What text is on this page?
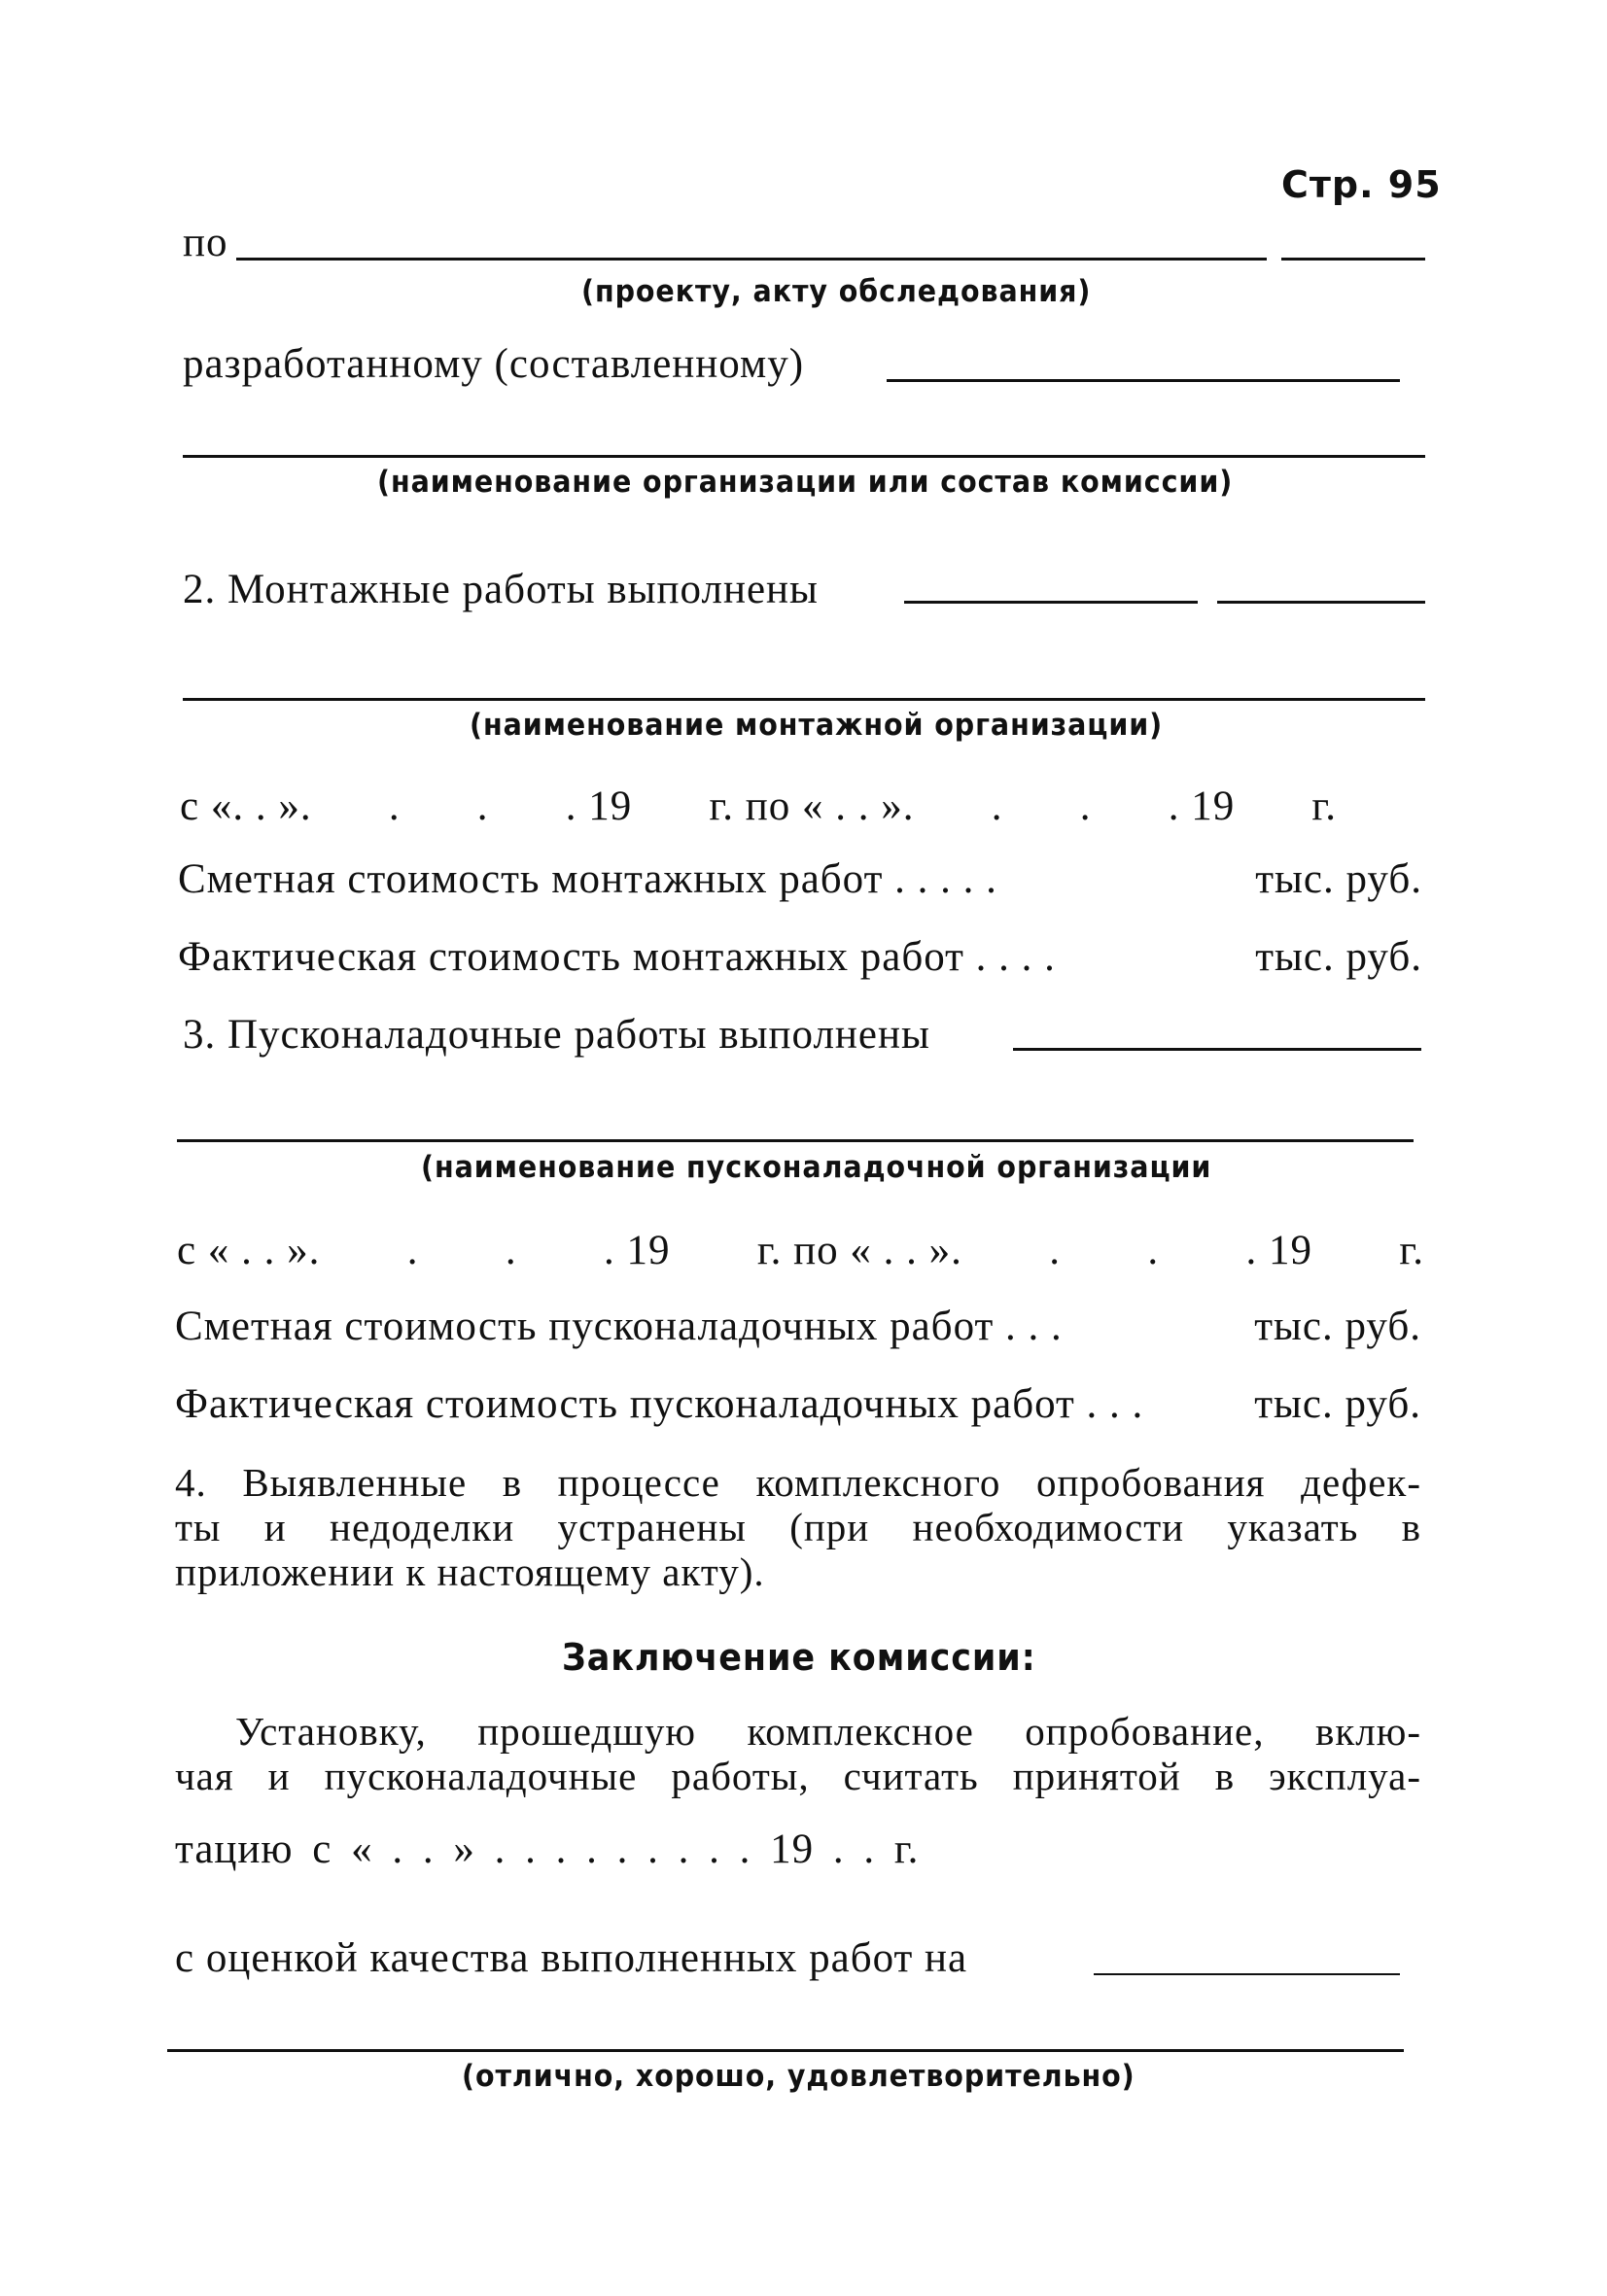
Стр. 95
по
(проекту, акту обследования)
разработанному (составленному)
(наименование организации или состав комиссии)
2. Монтажные работы выполнены
(наименование монтажной организации)
с «. . ». . . . 19 г. по « . . ». . . . 19 г.
Сметная стоимость монтажных работ . . . . .	тыс. руб.
Фактическая стоимость монтажных работ . . . .	тыс. руб.
3. Пусконаладочные работы выполнены
(наименование пусконаладочной организации
с « . . ». . . . 19 г. по « . . ». . . . 19 г.
Сметная стоимость пусконаладочных работ . . .	тыс. руб.
Фактическая стоимость пусконаладочных работ . . .	тыс. руб.
4. Выявленные в процессе комплексного опробования дефек-
ты и недоделки устранены (при необходимости указать в
приложении к настоящему акту).
Заключение комиссии:
Установку, прошедшую комплексное опробование, вклю-
чая и пусконаладочные работы, считать принятой в эксплуа-
тацию с « . . » . . . . . . . . . 19 . . г.
с оценкой качества выполненных работ на
(отлично, хорошо, удовлетворительно)
